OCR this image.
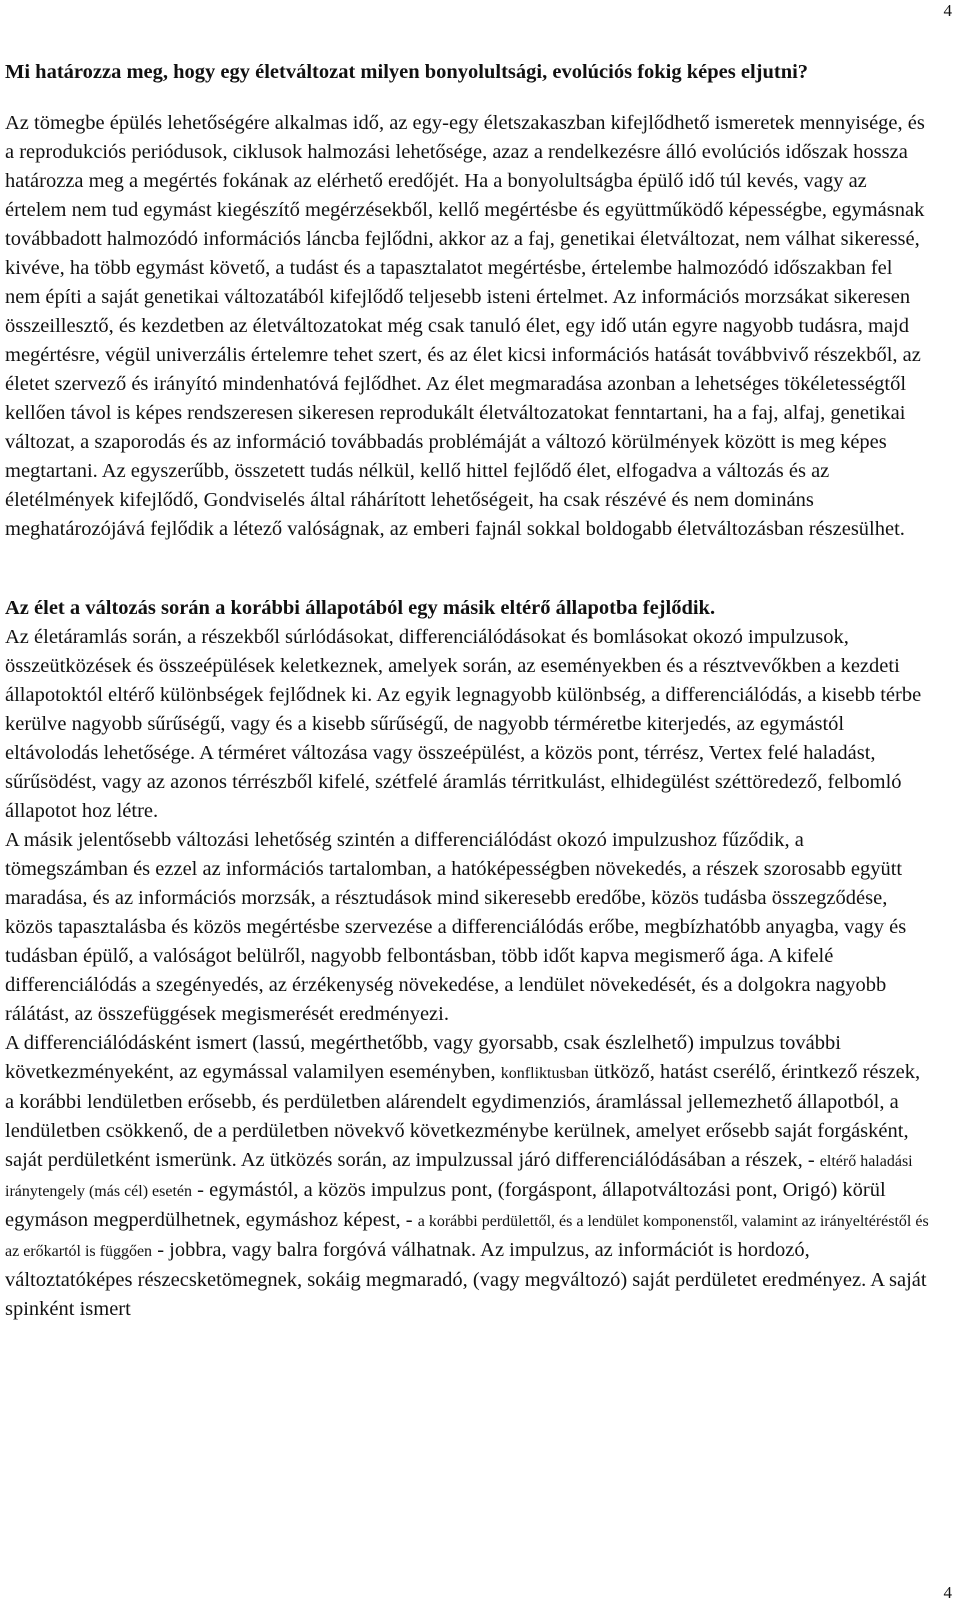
4

Mi határozza meg, hogy egy életváltozat milyen bonyolultsági, evolúciós fokig képes eljutni?

Az tömegbe épülés lehetőségére alkalmas idő, az egy-egy életszakaszban kifejlődhető ismeretek mennyisége, és a reprodukciós periódusok, ciklusok halmozási lehetősége, azaz a rendelkezésre álló evolúciós időszak hossza határozza meg a megértés fokának az elérhető eredőjét. Ha a bonyolultságba épülő idő túl kevés, vagy az értelem nem tud egymást kiegészítő megérzésekből, kellő megértésbe és együttműködő képességbe, egymásnak továbbadott halmozódó információs láncba fejlődni, akkor az a faj, genetikai életváltozat, nem válhat sikeressé, kivéve, ha több egymást követő, a tudást és a tapasztalatot megértésbe, értelembe halmozódó időszakban fel nem építi a saját genetikai változatából kifejlődő teljesebb isteni értelmet. Az információs morzsákat sikeresen összeillesztő, és kezdetben az életváltozatokat még csak tanuló élet, egy idő után egyre nagyobb tudásra, majd megértésre, végül univerzális értelemre tehet szert, és az élet kicsi információs hatását továbbvivő részekből, az életet szervező és irányító mindenhatóvá fejlődhet. Az élet megmaradása azonban a lehetséges tökéletességtől kellően távol is képes rendszeresen sikeresen reprodukált életváltozatokat fenntartani, ha a faj, alfaj, genetikai változat, a szaporodás és az információ továbbadás problémáját a változó körülmények között is meg képes megtartani. Az egyszerűbb, összetett tudás nélkül, kellő hittel fejlődő élet, elfogadva a változás és az életélmények kifejlődő, Gondviselés által ráhárított lehetőségeit, ha csak részévé és nem domináns meghatározójává fejlődik a létező valóságnak, az emberi fajnál sokkal boldogabb életváltozásban részesülhet.

Az élet a változás során a korábbi állapotából egy másik eltérő állapotba fejlődik.

Az életáramlás során, a részekből súrlódásokat, differenciálódásokat és bomlásokat okozó impulzusok, összeütközések és összeépülések keletkeznek, amelyek során, az eseményekben és a résztvevőkben a kezdeti állapotoktól eltérő különbségek fejlődnek ki. Az egyik legnagyobb különbség, a differenciálódás, a kisebb térbe kerülve nagyobb sűrűségű, vagy és a kisebb sűrűségű, de nagyobb térméretbe kiterjedés, az egymástól eltávolodás lehetősége. A térméret változása vagy összeépülést, a közös pont, térrész, Vertex felé haladást, sűrűsödést, vagy az azonos térrészből kifelé, szétfelé áramlás térritkulást, elhidegülést széttöredező, felbomló állapotot hoz létre.

A másik jelentősebb változási lehetőség szintén a differenciálódást okozó impulzushoz fűződik, a tömegszámban és ezzel az információs tartalomban, a hatóképességben növekedés, a részek szorosabb együtt maradása, és az információs morzsák, a résztudások mind sikeresebb eredőbe, közös tudásba összegződése, közös tapasztalásba és közös megértésbe szervezése a differenciálódás erőbe, megbízhatóbb anyagba, vagy és tudásban épülő, a valóságot belülről, nagyobb felbontásban, több időt kapva megismerő ága. A kifelé differenciálódás a szegényedés, az érzékenység növekedése, a lendület növekedését, és a dolgokra nagyobb rálátást, az összefüggések megismerését eredményezi.

A differenciálódásként ismert (lassú, megérthetőbb, vagy gyorsabb, csak észlelhető) impulzus további következményeként, az egymással valamilyen eseményben, konfliktusban ütköző, hatást cserélő, érintkező részek, a korábbi lendületben erősebb, és perdületben alárendelt egydimenziós, áramlással jellemezhető állapotból, a lendületben csökkenő, de a perdületben növekvő következménybe kerülnek, amelyet erősebb saját forgásként, saját perdületként ismerünk. Az ütközés során, az impulzussal járó differenciálódásában a részek, - eltérő haladási iránytengely (más cél) esetén - egymástól, a közös impulzus pont, (forgáspont, állapotváltozási pont, Origó) körül egymáson megperdülhetnek, egymáshoz képest, - a korábbi perdülettől, és a lendület komponenstől, valamint az irányeltéréstől és az erőkartól is függően - jobbra, vagy balra forgóvá válhatnak. Az impulzus, az információt is hordozó, változtatóképes részecsketömegnek, sokáig megmaradó, (vagy megváltozó) saját perdületet eredményez. A saját spinként ismert

4
